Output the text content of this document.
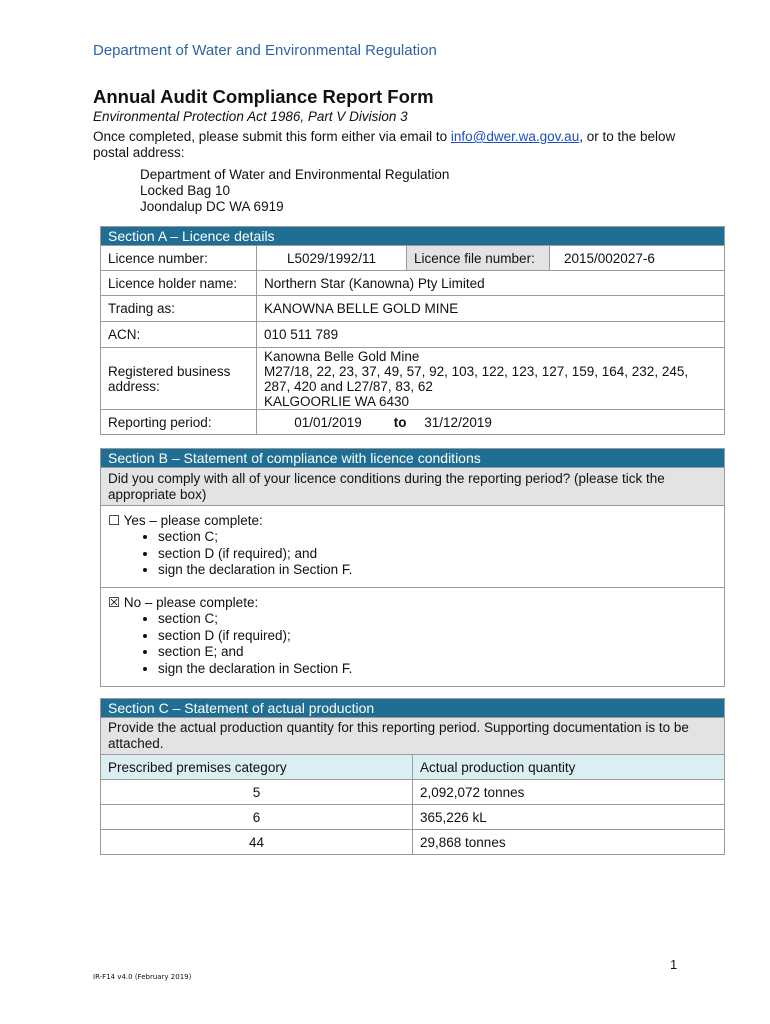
Department of Water and Environmental Regulation
Annual Audit Compliance Report Form
Environmental Protection Act 1986, Part V Division 3
Once completed, please submit this form either via email to info@dwer.wa.gov.au, or to the below postal address:
Department of Water and Environmental Regulation
Locked Bag 10
Joondalup DC WA 6919
Section A – Licence details			
Licence number:	L5029/1992/11	Licence file number:	2015/002027-6
Licence holder name:	Northern Star (Kanowna) Pty Limited		
Trading as:	KANOWNA BELLE GOLD MINE		
ACN:	010 511 789		
Registered business address:	Kanowna Belle Gold Mine
M27/18, 22, 23, 37, 49, 57, 92, 103, 122, 123, 127, 159, 164, 232, 245, 287, 420 and L27/87, 83, 62
KALGOORLIE WA 6430		

Reporting period:	01/01/2019 to 31/12/2019		
Section B – Statement of compliance with licence conditions
Did you comply with all of your licence conditions during the reporting period? (please tick the appropriate box)

☐ Yes – please complete:
• section C;
• section D (if required); and
• sign the declaration in Section F.

☒ No – please complete:
• section C;
• section D (if required);
• section E; and
• sign the declaration in Section F.
Section C – Statement of actual production	
Provide the actual production quantity for this reporting period. Supporting documentation is to be attached.	
Prescribed premises category	Actual production quantity
5	2,092,072 tonnes
6	365,226 kL
44	29,868 tonnes
1
IR-F14 v4.0 (February 2019)
